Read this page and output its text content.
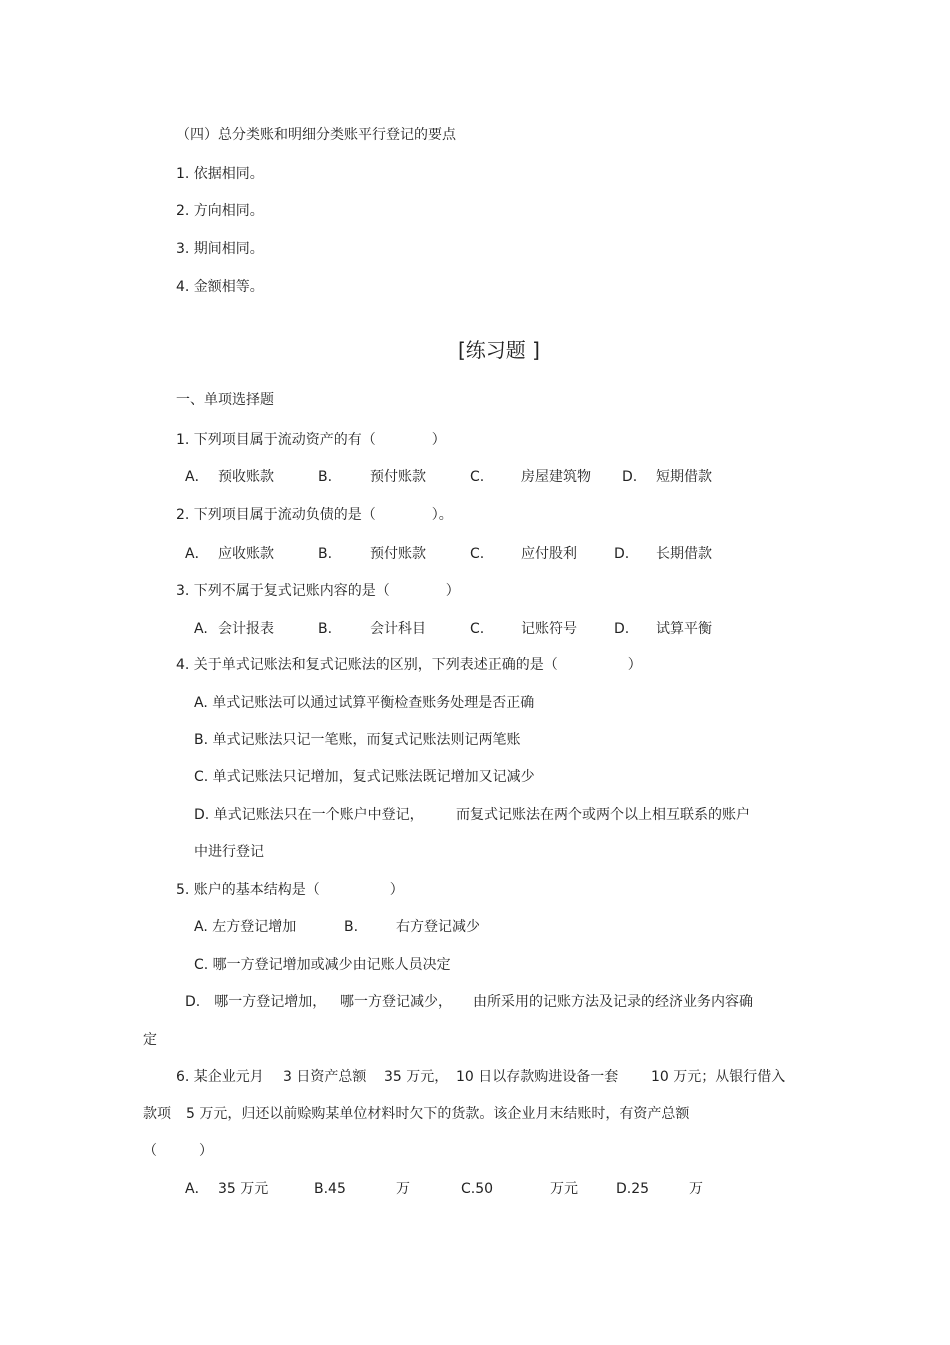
（四）总分类账和明细分类账平行登记的要点
1. 依据相同。
2. 方向相同。
3. 期间相同。
4. 金额相等。
[练习题 ]
一、单项选择题
1. 下列项目属于流动资产的有（　　　　）
A． 预收账款	B.	预付账款	C.	房屋建筑物 D. 短期借款
2. 下列项目属于流动负债的是（　　　　）。
A． 应收账款	B.	预付账款	C.	应付股利	D. 长期借款
3. 下列不属于复式记账内容的是（　　　　）
A. 会计报表	B.	会计科目	C.	记账符号	D. 试算平衡
4. 关于单式记账法和复式记账法的区别，下列表述正确的是（　　　　　）
A. 单式记账法可以通过试算平衡检查账务处理是否正确
B. 单式记账法只记一笔账，而复式记账法则记两笔账
C. 单式记账法只记增加，复式记账法既记增加又记减少
D. 单式记账法只在一个账户中登记， 而复式记账法在两个或两个以上相互联系的账户
中进行登记
5. 账户的基本结构是（　　　　　）
A. 左方登记增加	B.	右方登记减少
C. 哪一方登记增加或减少由记账人员决定
D.　哪一方登记增加， 哪一方登记减少， 由所采用的记账方法及记录的经济业务内容确
定
6. 某企业元月 3 日资产总额 35 万元， 10 日以存款购进设备一套 10 万元；从银行借入
款项 5 万元，归还以前赊购某单位材料时欠下的货款。该企业月末结账时，有资产总额
（　　　）
A． 35 万元	B.45	万	C.50	万元	D.25	万
